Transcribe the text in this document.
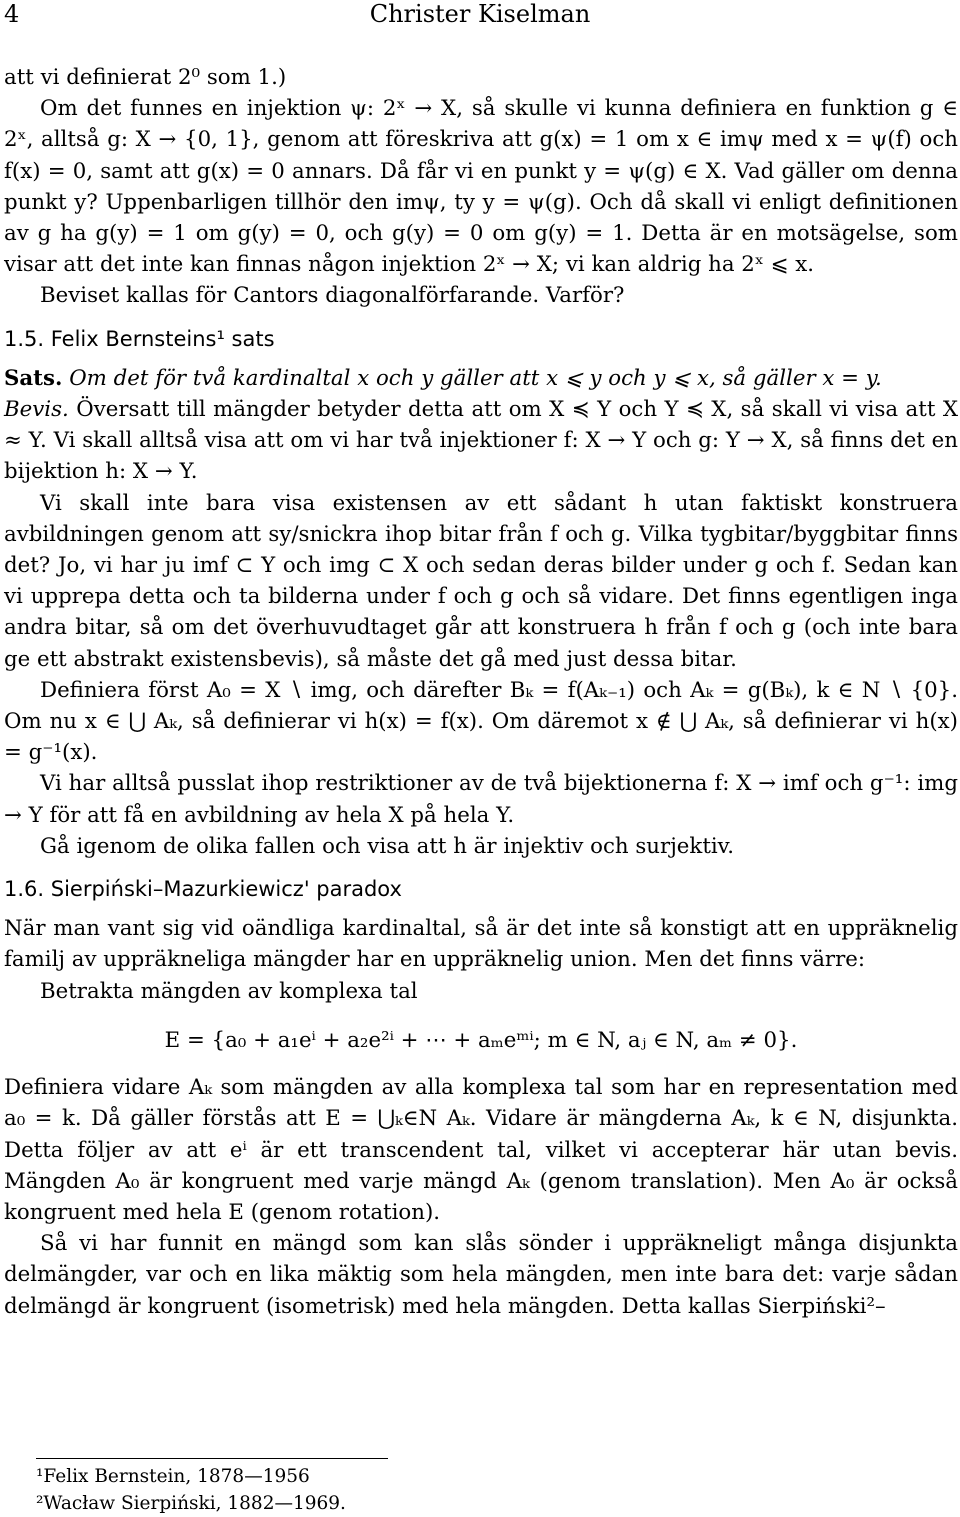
4	Christer Kiselman

att vi definierat 2⁰ som 1.)

Om det funnes en injektion ψ: 2ˣ → X, så skulle vi kunna definiera en funktion g ∈ 2ˣ, alltså g: X → {0, 1}, genom att föreskriva att g(x) = 1 om x ∈ imψ med x = ψ(f) och f(x) = 0, samt att g(x) = 0 annars. Då får vi en punkt y = ψ(g) ∈ X. Vad gäller om denna punkt y? Uppenbarligen tillhör den imψ, ty y = ψ(g). Och då skall vi enligt definitionen av g ha g(y) = 1 om g(y) = 0, och g(y) = 0 om g(y) = 1. Detta är en motsägelse, som visar att det inte kan finnas någon injektion 2ˣ → X; vi kan aldrig ha 2ˣ ⩽ x.

Beviset kallas för Cantors diagonalförfarande. Varför?

1.5. Felix Bernsteins¹ sats

Sats. Om det för två kardinaltal x och y gäller att x ⩽ y och y ⩽ x, så gäller x = y.

Bevis. Översatt till mängder betyder detta att om X ≼ Y och Y ≼ X, så skall vi visa att X ≈ Y. Vi skall alltså visa att om vi har två injektioner f: X → Y och g: Y → X, så finns det en bijektion h: X → Y.

Vi skall inte bara visa existensen av ett sådant h utan faktiskt konstruera avbildningen genom att sy/snickra ihop bitar från f och g. Vilka tygbitar/byggbitar finns det? Jo, vi har ju imf ⊂ Y och img ⊂ X och sedan deras bilder under g och f. Sedan kan vi upprepa detta och ta bilderna under f och g och så vidare. Det finns egentligen inga andra bitar, så om det överhuvudtaget går att konstruera h från f och g (och inte bara ge ett abstrakt existensbevis), så måste det gå med just dessa bitar.

Definiera först A₀ = X ∖ img, och därefter Bₖ = f(Aₖ₋₁) och Aₖ = g(Bₖ), k ∈ N ∖ {0}. Om nu x ∈ ⋃ Aₖ, så definierar vi h(x) = f(x). Om däremot x ∉ ⋃ Aₖ, så definierar vi h(x) = g⁻¹(x).

Vi har alltså pusslat ihop restriktioner av de två bijektionerna f: X → imf och g⁻¹: img → Y för att få en avbildning av hela X på hela Y.

Gå igenom de olika fallen och visa att h är injektiv och surjektiv.

1.6. Sierpiński–Mazurkiewicz' paradox

När man vant sig vid oändliga kardinaltal, så är det inte så konstigt att en uppräknelig familj av uppräkneliga mängder har en uppräknelig union. Men det finns värre:

Betrakta mängden av komplexa tal

E = {a₀ + a₁eⁱ + a₂e²ⁱ + ⋯ + aₘeᵐⁱ; m ∈ N, aⱼ ∈ N, aₘ ≠ 0}.

Definiera vidare Aₖ som mängden av alla komplexa tal som har en representation med a₀ = k. Då gäller förstås att E = ⋃ₖ∈N Aₖ. Vidare är mängderna Aₖ, k ∈ N, disjunkta. Detta följer av att eⁱ är ett transcendent tal, vilket vi accepterar här utan bevis. Mängden A₀ är kongruent med varje mängd Aₖ (genom translation). Men A₀ är också kongruent med hela E (genom rotation).

Så vi har funnit en mängd som kan slås sönder i uppräkneligt många disjunkta delmängder, var och en lika mäktig som hela mängden, men inte bara det: varje sådan delmängd är kongruent (isometrisk) med hela mängden. Detta kallas Sierpiński²–

¹Felix Bernstein, 1878—1956
²Wacław Sierpiński, 1882—1969.
